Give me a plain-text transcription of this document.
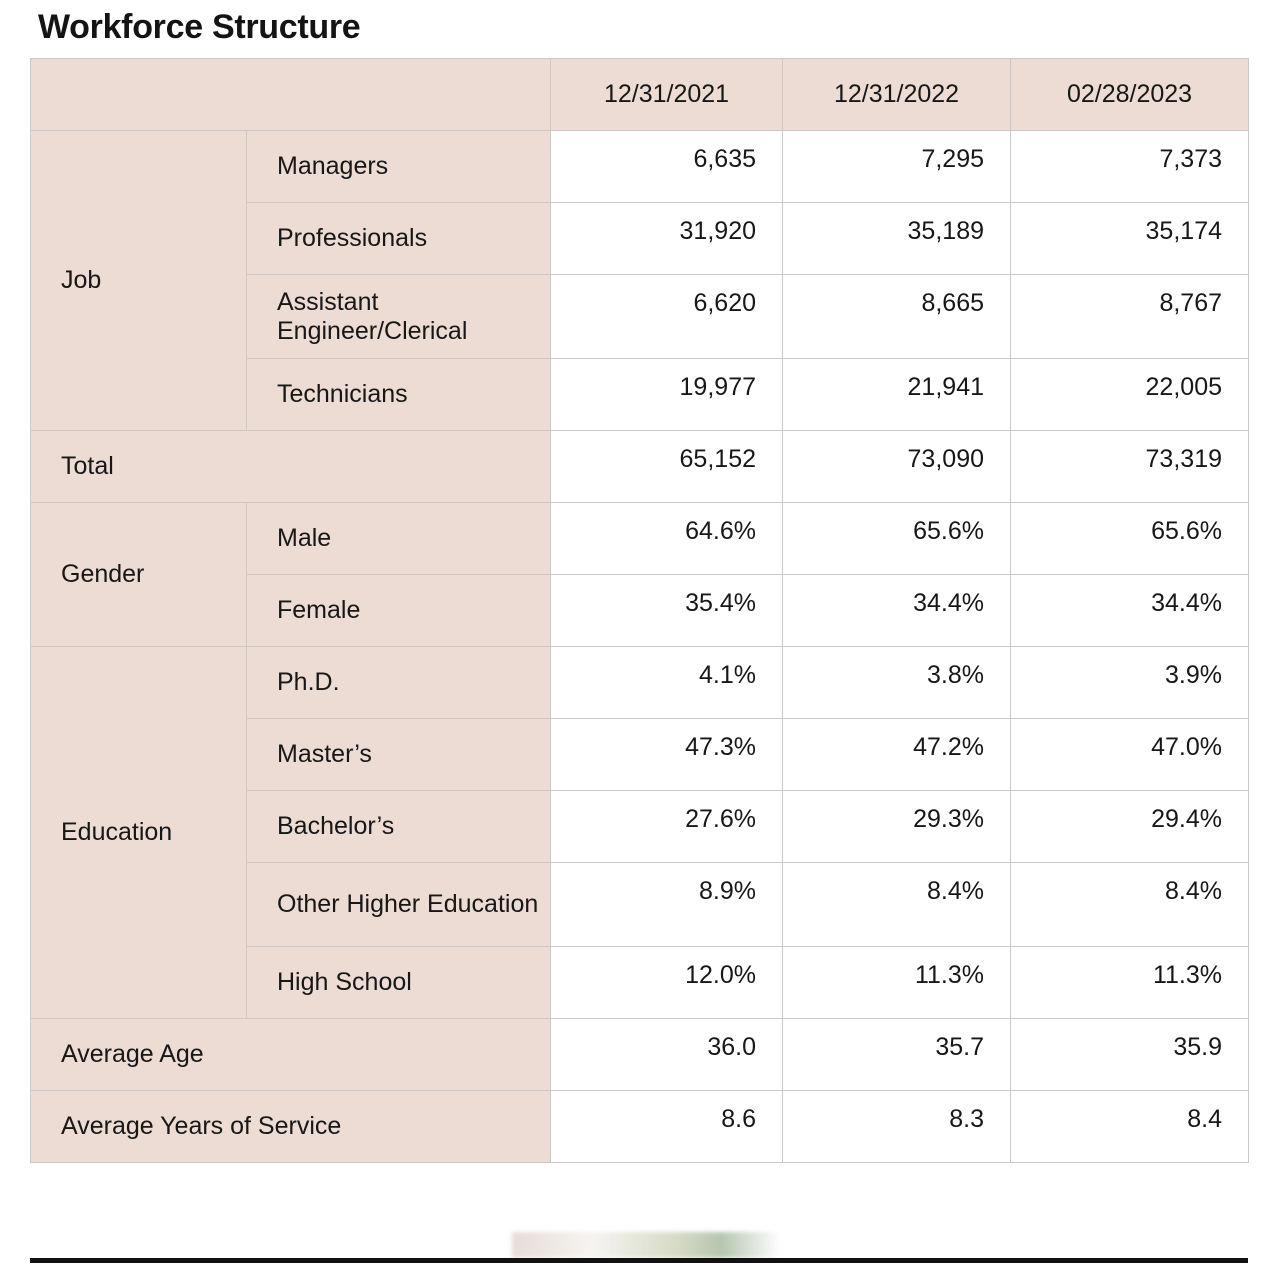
Workforce Structure
		12/31/2021	12/31/2022	02/28/2023
Job	Managers	6,635	7,295	7,373
	Professionals	31,920	35,189	35,174
	Assistant Engineer/Clerical	6,620	8,665	8,767
	Technicians	19,977	21,941	22,005
Total		65,152	73,090	73,319
Gender	Male	64.6%	65.6%	65.6%
	Female	35.4%	34.4%	34.4%
Education	Ph.D.	4.1%	3.8%	3.9%
	Master’s	47.3%	47.2%	47.0%
	Bachelor’s	27.6%	29.3%	29.4%
	Other Higher Education	8.9%	8.4%	8.4%
	High School	12.0%	11.3%	11.3%
Average Age		36.0	35.7	35.9
Average Years of Service		8.6	8.3	8.4
